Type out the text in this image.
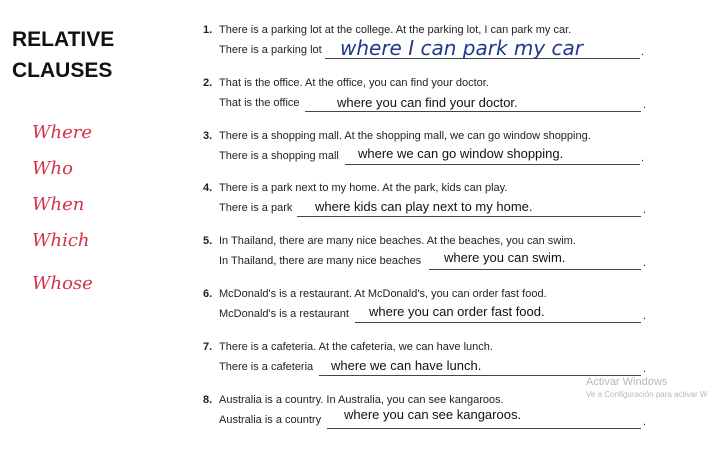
RELATIVE
CLAUSES
Where
Who
When
Which
Whose
1. There is a parking lot at the college. At the parking lot, I can park my car.
There is a parking lot	.
where I can park my car
2. That is the office. At the office, you can find your doctor.
That is the office	.
where you can find your doctor.
3. There is a shopping mall. At the shopping mall, we can go window shopping.
There is a shopping mall	.
where we can go window shopping.
4. There is a park next to my home. At the park, kids can play.
There is a park	.
where kids can play next to my home.
5. In Thailand, there are many nice beaches. At the beaches, you can swim.
In Thailand, there are many nice beaches	.
where you can swim.
6. McDonald's is a restaurant. At McDonald's, you can order fast food.
McDonald's is a restaurant	.
where you can order fast food.
7. There is a cafeteria. At the cafeteria, we can have lunch.
There is a cafeteria	.
where we can have lunch.
8. Australia is a country. In Australia, you can see kangaroos.
Australia is a country	.
where you can see kangaroos.
Activar Windows
Ve a Configuración para activar W
